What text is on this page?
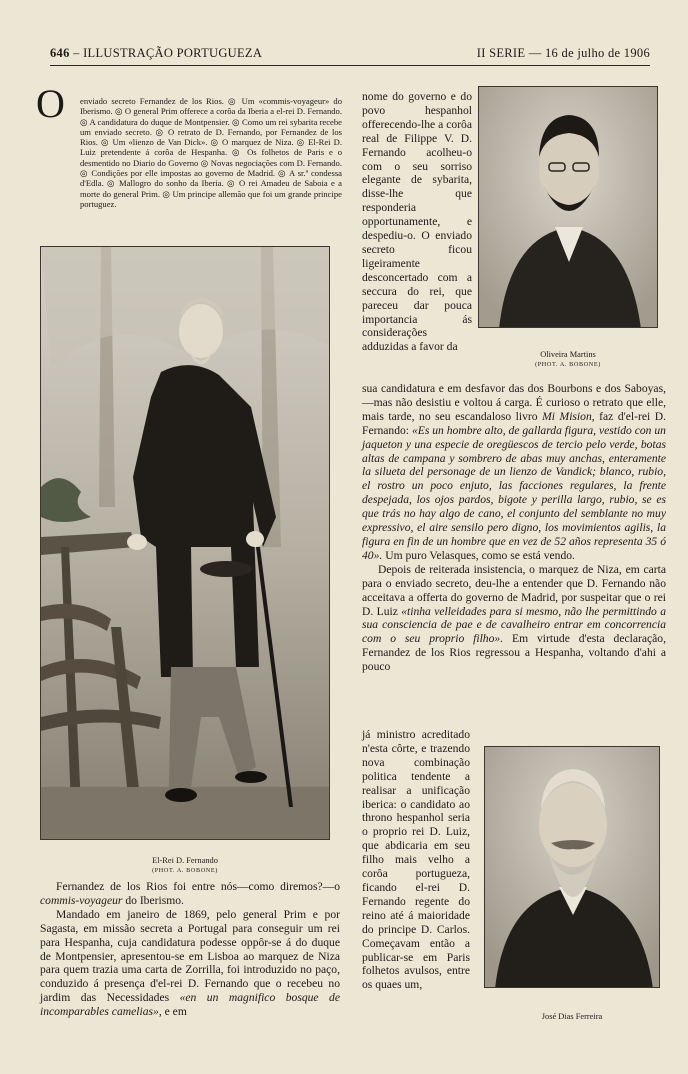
646 – ILLUSTRAÇÃO PORTUGUEZA	II SERIE — 16 de julho de 1906
O enviado secreto Fernandez de los Rios. ◎ Um «commis-voyageur» do Iberismo. ◎ O general Prim offerece a corôa da Iberia a el-rei D. Fernando. ◎ A candidatura do duque de Montpensier. ◎ Como um rei sybarita recebe um enviado secreto. ◎ O retrato de D. Fernando, por Fernandez de los Rios. ◎ Um «lienzo de Van Dick». ◎ O marquez de Niza. ◎ El-Rei D. Luiz pretendente á corôa de Hespanha. ◎ Os folhetos de Paris e o desmentido no Diario do Governo ◎ Novas negociações com D. Fernando. ◎ Condições por elle impostas ao governo de Madrid. ◎ A sr.ª condessa d'Edla. ◎ Mallogro do sonho da Iberia. ◎ O rei Amadeu de Saboia e a morte do general Prim. ◎ Um principe allemão que foi um grande principe portuguez.

El-Rei D. Fernando
(PHOT. A. BOBONE)
Oliveira Martins
(PHOT. A. BOBONE)
José Dias Ferreira

nome do governo e do povo hespanhol offerecendo-lhe a corôa real de Filippe V. D. Fernando acolheu-o com o seu sorriso elegante de sybarita, disse-lhe que responderia opportunamente, e despediu-o. O enviado secreto ficou ligeiramente desconcertado com a seccura do rei, que pareceu dar pouca importancia ás considerações adduzidas a favor da

sua candidatura e em desfavor das dos Bourbons e dos Saboyas,—mas não desistiu e voltou á carga. É curioso o retrato que elle, mais tarde, no seu escandaloso livro Mi Mision, faz d'el-rei D. Fernando: «Es un hombre alto, de gallarda figura, vestido con un jaqueton y una especie de oregüescos de tercio pelo verde, botas altas de campana y sombrero de abas muy anchas, enteramente la silueta del personage de un lienzo de Vandick; blanco, rubio, el rostro un poco enjuto, las facciones regulares, la frente despejada, los ojos pardos, bigote y perilla largo, rubio, se es que trás no hay algo de cano, el conjunto del semblante no muy expressivo, el aire sensilo pero digno, los movimientos agilis, la figura en fin de un hombre que en vez de 52 años representa 35 ó 40». Um puro Velasques, como se está vendo.

Depois de reiterada insistencia, o marquez de Niza, em carta para o enviado secreto, deu-lhe a entender que D. Fernando não acceitava a offerta do governo de Madrid, por suspeitar que o rei D. Luiz «tinha velleidades para si mesmo, não lhe permittindo a sua consciencia de pae e de cavalheiro entrar em concorrencia com o seu proprio filho». Em virtude d'esta declaração, Fernandez de los Rios regressou a Hespanha, voltando d'ahi a pouco

já ministro acreditado n'esta côrte, e trazendo nova combinação politica tendente a realisar a unificação iberica: o candidato ao throno hespanhol seria o proprio rei D. Luiz, que abdicaria em seu filho mais velho a corôa portugueza, ficando el-rei D. Fernando regente do reino até á maioridade do principe D. Carlos. Começavam então a publicar-se em Paris folhetos avulsos, entre os quaes um,

Fernandez de los Rios foi entre nós—como diremos?—o commis-voyageur do Iberismo.

Mandado em janeiro de 1869, pelo general Prim e por Sagasta, em missão secreta a Portugal para conseguir um rei para Hespanha, cuja candidatura podesse oppôr-se á do duque de Montpensier, apresentou-se em Lisboa ao marquez de Niza para quem trazia uma carta de Zorrilla, foi introduzido no paço, conduzido á presença d'el-rei D. Fernando que o recebeu no jardim das Necessidades «en un magnifico bosque de incomparables camelias», e em
